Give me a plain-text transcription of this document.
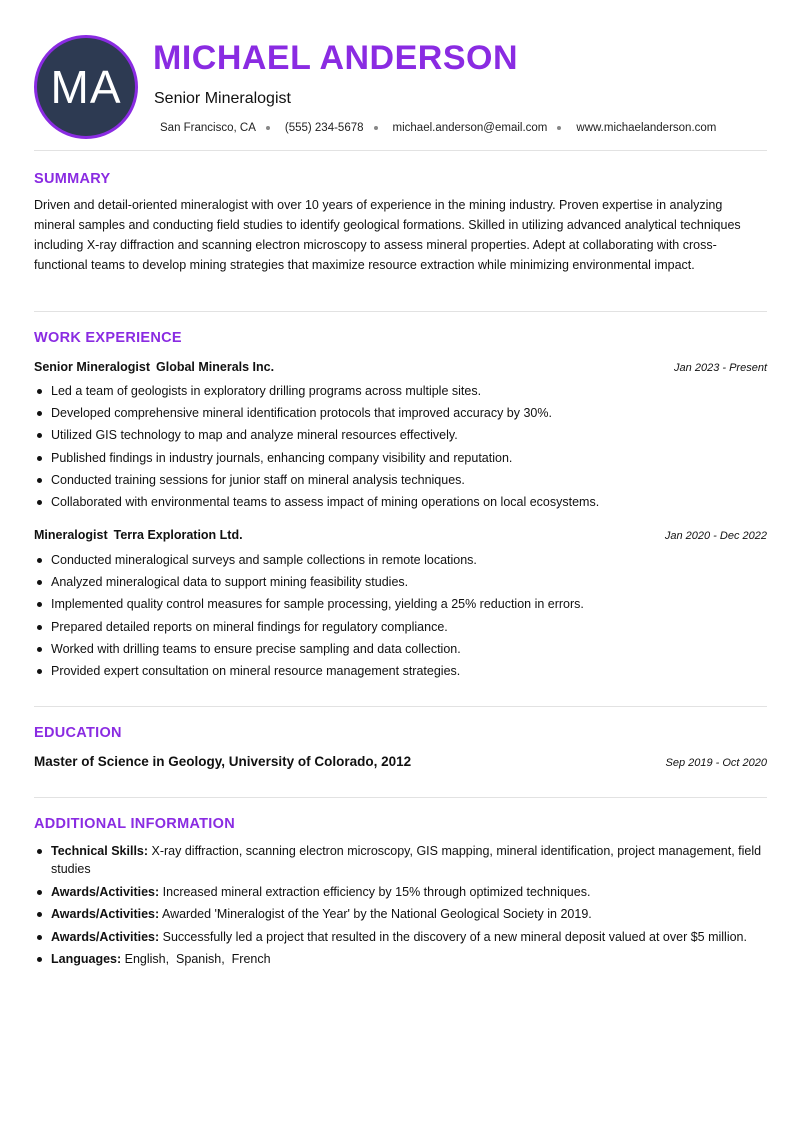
MA
MICHAEL ANDERSON
Senior Mineralogist
San Francisco, CA	(555) 234-5678	michael.anderson@email.com	www.michaelanderson.com
SUMMARY

Driven and detail-oriented mineralogist with over 10 years of experience in the mining industry. Proven expertise in analyzing mineral samples and conducting field studies to identify geological formations. Skilled in utilizing advanced analytical techniques including X-ray diffraction and scanning electron microscopy to assess mineral properties. Adept at collaborating with cross-functional teams to develop mining strategies that maximize resource extraction while minimizing environmental impact.

WORK EXPERIENCE
Senior Mineralogist Global Minerals Inc.	Jan 2023 - Present
Led a team of geologists in exploratory drilling programs across multiple sites.
Developed comprehensive mineral identification protocols that improved accuracy by 30%.
Utilized GIS technology to map and analyze mineral resources effectively.
Published findings in industry journals, enhancing company visibility and reputation.
Conducted training sessions for junior staff on mineral analysis techniques.
Collaborated with environmental teams to assess impact of mining operations on local ecosystems.
Mineralogist Terra Exploration Ltd.	Jan 2020 - Dec 2022
Conducted mineralogical surveys and sample collections in remote locations.
Analyzed mineralogical data to support mining feasibility studies.
Implemented quality control measures for sample processing, yielding a 25% reduction in errors.
Prepared detailed reports on mineral findings for regulatory compliance.
Worked with drilling teams to ensure precise sampling and data collection.
Provided expert consultation on mineral resource management strategies.
EDUCATION
Master of Science in Geology, University of Colorado, 2012	Sep 2019 - Oct 2020
ADDITIONAL INFORMATION
Technical Skills: X-ray diffraction, scanning electron microscopy, GIS mapping, mineral identification, project management, field studies
Awards/Activities: Increased mineral extraction efficiency by 15% through optimized techniques.
Awards/Activities: Awarded 'Mineralogist of the Year' by the National Geological Society in 2019.
Awards/Activities: Successfully led a project that resulted in the discovery of a new mineral deposit valued at over $5 million.
Languages: English,  Spanish,  French
